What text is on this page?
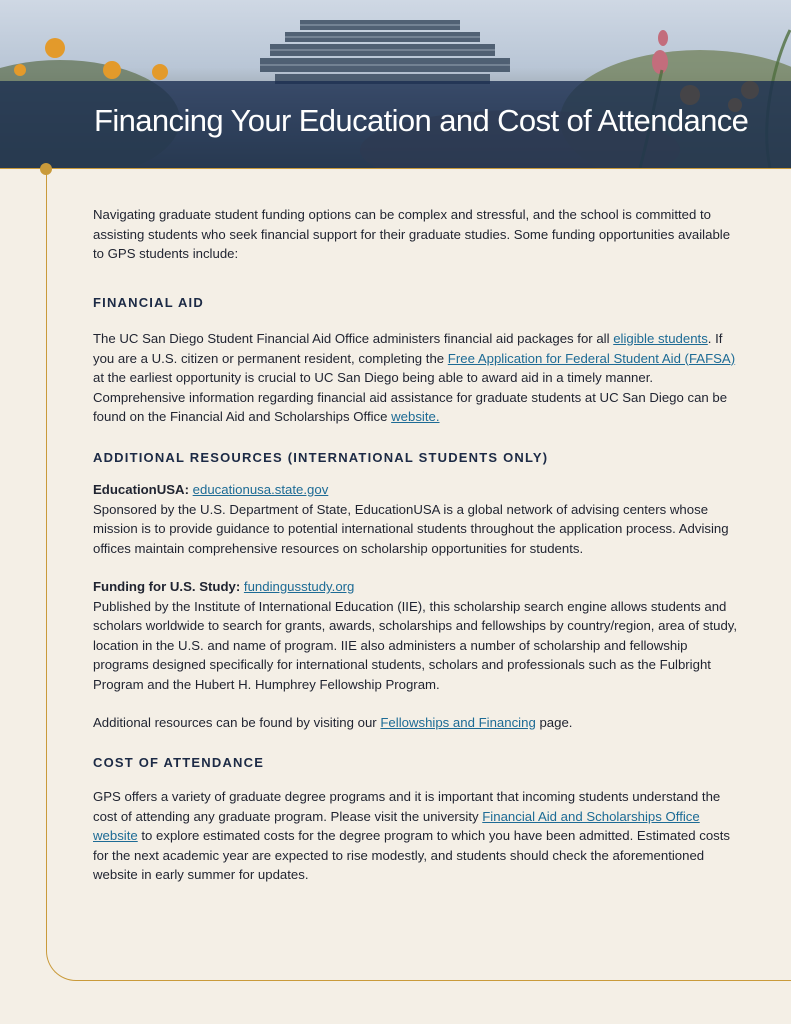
Financing Your Education and Cost of Attendance

Navigating graduate student funding options can be complex and stressful, and the school is committed to assisting students who seek financial support for their graduate studies. Some funding opportunities available to GPS students include:

FINANCIAL AID

The UC San Diego Student Financial Aid Office administers financial aid packages for all eligible students. If you are a U.S. citizen or permanent resident, completing the Free Application for Federal Student Aid (FAFSA) at the earliest opportunity is crucial to UC San Diego being able to award aid in a timely manner. Comprehensive information regarding financial aid assistance for graduate students at UC San Diego can be found on the Financial Aid and Scholarships Office website.

ADDITIONAL RESOURCES (INTERNATIONAL STUDENTS ONLY)

EducationUSA: educationusa.state.gov
Sponsored by the U.S. Department of State, EducationUSA is a global network of advising centers whose mission is to provide guidance to potential international students throughout the application process. Advising offices maintain comprehensive resources on scholarship opportunities for students.

Funding for U.S. Study: fundingusstudy.org
Published by the Institute of International Education (IIE), this scholarship search engine allows students and scholars worldwide to search for grants, awards, scholarships and fellowships by country/region, area of study, location in the U.S. and name of program. IIE also administers a number of scholarship and fellowship programs designed specifically for international students, scholars and professionals such as the Fulbright Program and the Hubert H. Humphrey Fellowship Program.

Additional resources can be found by visiting our Fellowships and Financing page.

COST OF ATTENDANCE

GPS offers a variety of graduate degree programs and it is important that incoming students understand the cost of attending any graduate program. Please visit the university Financial Aid and Scholarships Office website to explore estimated costs for the degree program to which you have been admitted. Estimated costs for the next academic year are expected to rise modestly, and students should check the aforementioned website in early summer for updates.
